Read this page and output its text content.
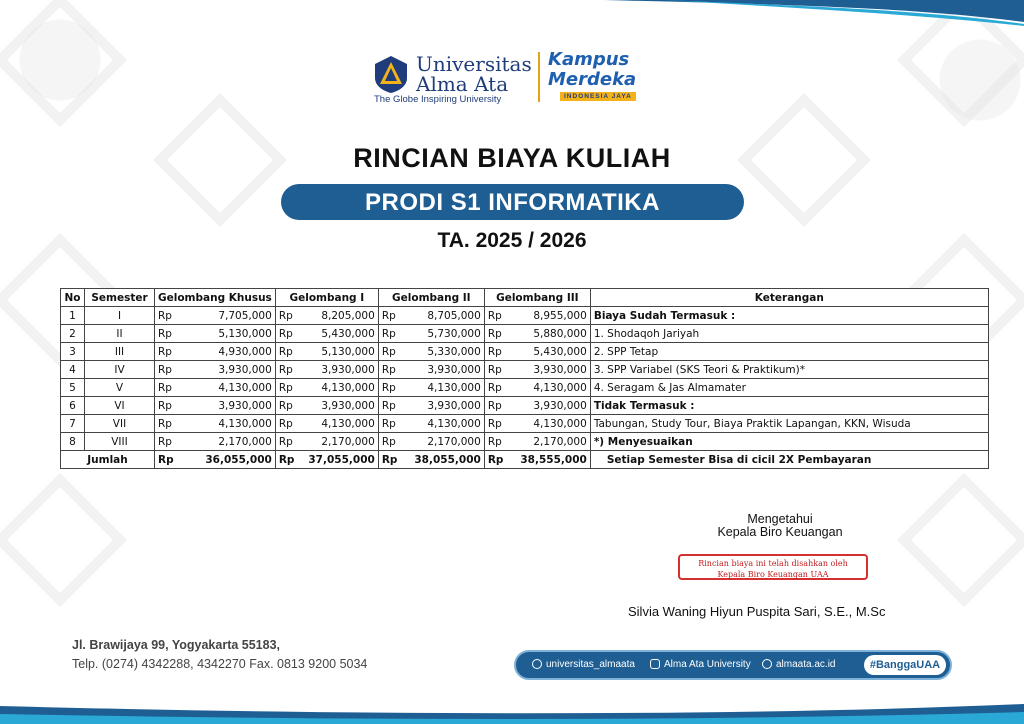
Universitas
Alma Ata
The Globe Inspiring University
Kampus
Merdeka
INDONESIA JAYA
RINCIAN BIAYA KULIAH
PRODI S1 INFORMATIKA
TA. 2025 / 2026
No	Semester	Gelombang Khusus		Gelombang I		Gelombang II		Gelombang III		Keterangan
1	I	Rp	7,705,000	Rp	8,205,000	Rp	8,705,000	Rp	8,955,000	Biaya Sudah Termasuk :
2	II	Rp	5,130,000	Rp	5,430,000	Rp	5,730,000	Rp	5,880,000	1. Shodaqoh Jariyah
3	III	Rp	4,930,000	Rp	5,130,000	Rp	5,330,000	Rp	5,430,000	2. SPP Tetap
4	IV	Rp	3,930,000	Rp	3,930,000	Rp	3,930,000	Rp	3,930,000	3. SPP Variabel (SKS Teori & Praktikum)*
5	V	Rp	4,130,000	Rp	4,130,000	Rp	4,130,000	Rp	4,130,000	4. Seragam & Jas Almamater
6	VI	Rp	3,930,000	Rp	3,930,000	Rp	3,930,000	Rp	3,930,000	Tidak Termasuk :
7	VII	Rp	4,130,000	Rp	4,130,000	Rp	4,130,000	Rp	4,130,000	Tabungan, Study Tour, Biaya Praktik Lapangan, KKN, Wisuda
8	VIII	Rp	2,170,000	Rp	2,170,000	Rp	2,170,000	Rp	2,170,000	*) Menyesuaikan
Jumlah		Rp	36,055,000	Rp	37,055,000	Rp	38,055,000	Rp	38,555,000	Setiap Semester Bisa di cicil 2X Pembayaran
Mengetahui
Kepala Biro Keuangan
Rincian biaya ini telah disahkan oleh
Kepala Biro Keuangan UAA
Silvia Waning Hiyun Puspita Sari, S.E., M.Sc
Jl. Brawijaya 99, Yogyakarta 55183,
Telp. (0274) 4342288, 4342270 Fax. 0813 9200 5034	universitas_almaata	Alma Ata University	almaata.ac.id	#BanggaUAA
